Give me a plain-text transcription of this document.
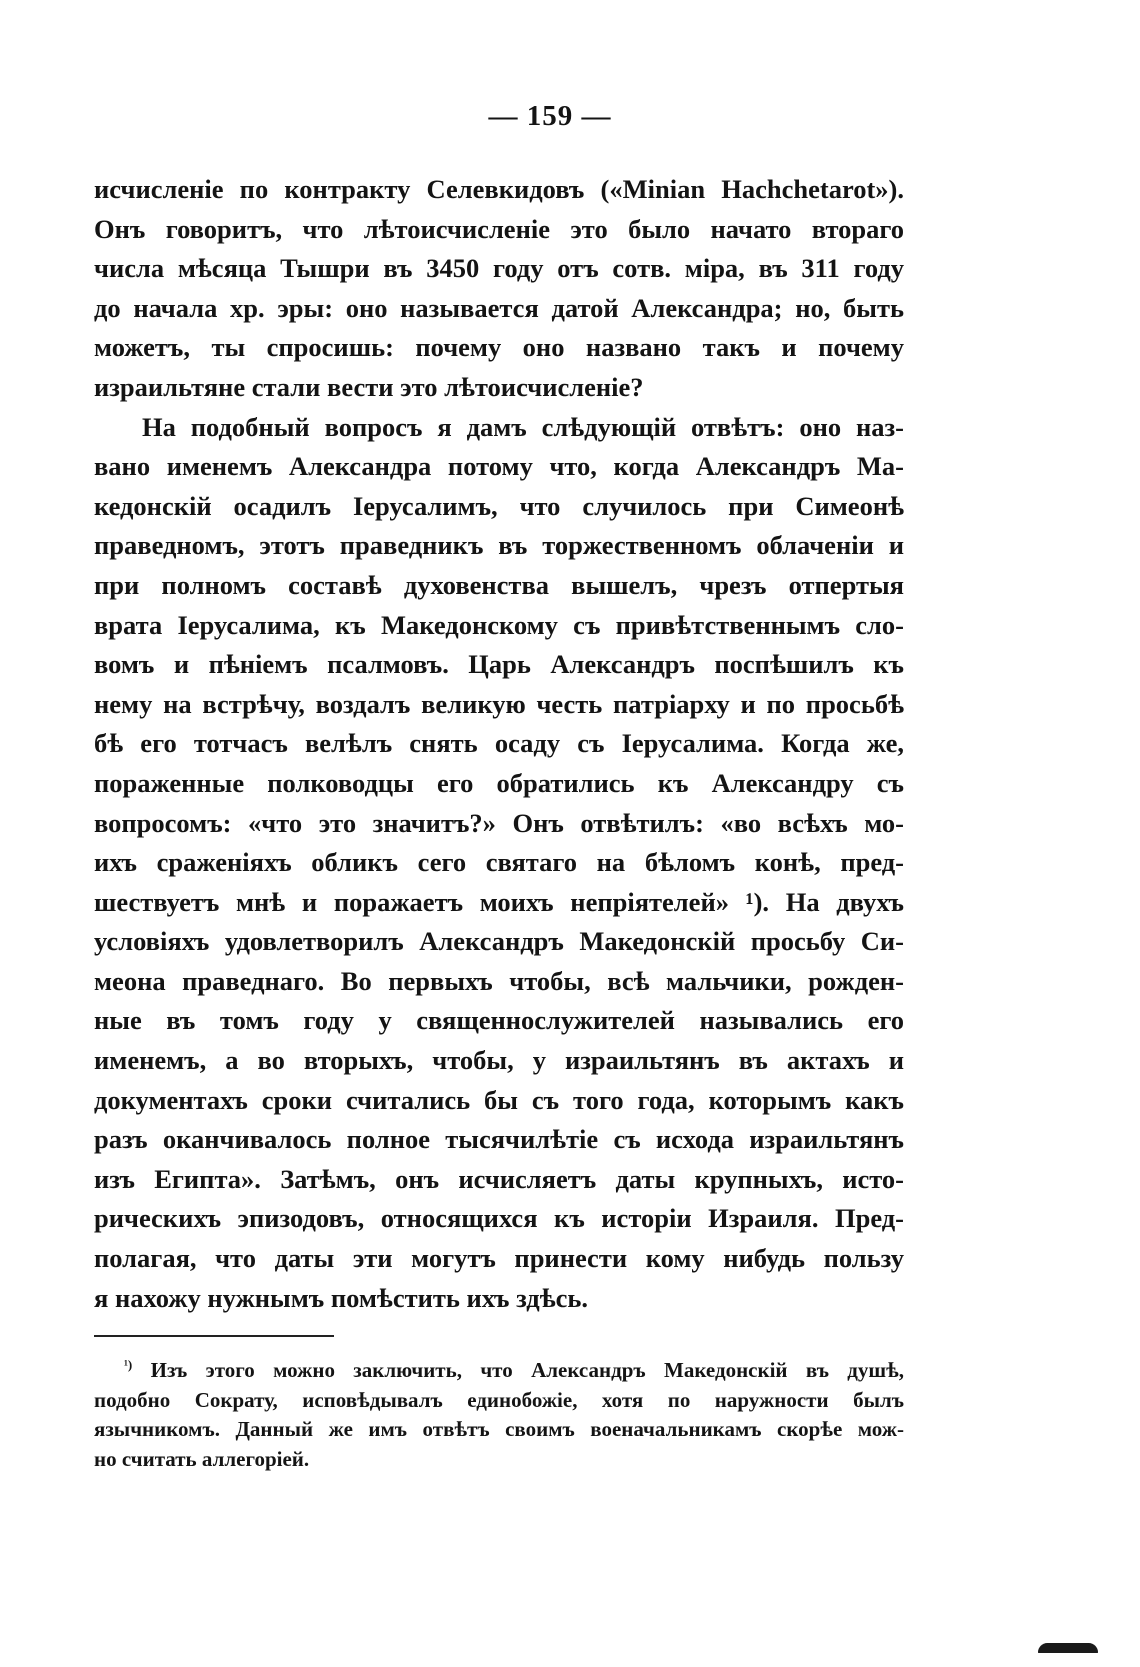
— 159 —

исчисленіе по контракту Селевкидовъ («Minian Hachchetarot»).
Онъ говоритъ, что лѣтоисчисленіе это было начато втораго
числа мѣсяца Тышри въ 3450 году отъ сотв. міра, въ 311 году
до начала хр. эры: оно называется датой Александра; но, быть
можетъ, ты спросишь: почему оно названо такъ и почему
израильтяне стали вести это лѣтоисчисленіе?

На подобный вопросъ я дамъ слѣдующій отвѣтъ: оно наз-
вано именемъ Александра потому что, когда Александръ Ма-
кедонскій осадилъ Іерусалимъ, что случилось при Симеонѣ
праведномъ, этотъ праведникъ въ торжественномъ облаченіи и
при полномъ составѣ духовенства вышелъ, чрезъ отпертыя
врата Іерусалима, къ Македонскому съ привѣтственнымъ сло-
вомъ и пѣніемъ псалмовъ. Царь Александръ поспѣшилъ къ
нему на встрѣчу, воздалъ великую честь патріарху и по просьбѣ
бѣ его тотчасъ велѣлъ снять осаду съ Іерусалима. Когда же,
пораженные полководцы его обратились къ Александру съ
вопросомъ: «что это значитъ?» Онъ отвѣтилъ: «во всѣхъ мо-
ихъ сраженіяхъ обликъ сего святаго на бѣломъ конѣ, пред-
шествуетъ мнѣ и поражаетъ моихъ непріятелей» ¹). На двухъ
условіяхъ удовлетворилъ Александръ Македонскій просьбу Си-
меона праведнаго. Во первыхъ чтобы, всѣ мальчики, рожден-
ные въ томъ году у священнослужителей назывались его
именемъ, а во вторыхъ, чтобы, у израильтянъ въ актахъ и
документахъ сроки считались бы съ того года, которымъ какъ
разъ оканчивалось полное тысячилѣтіе съ исхода израильтянъ
изъ Египта». Затѣмъ, онъ исчисляетъ даты крупныхъ, исто-
рическихъ эпизодовъ, относящихся къ исторіи Израиля. Пред-
полагая, что даты эти могутъ принести кому нибудь пользу
я нахожу нужнымъ помѣстить ихъ здѣсь.

$^{^1)}$ Изъ этого можно заключить, что Александръ Македонскій въ душѣ,
подобно Сократу, исповѣдывалъ единобожіе, хотя по наружности былъ
язычникомъ. Данный же имъ отвѣтъ своимъ военачальникамъ скорѣе мож-
но считать аллегоріей.
